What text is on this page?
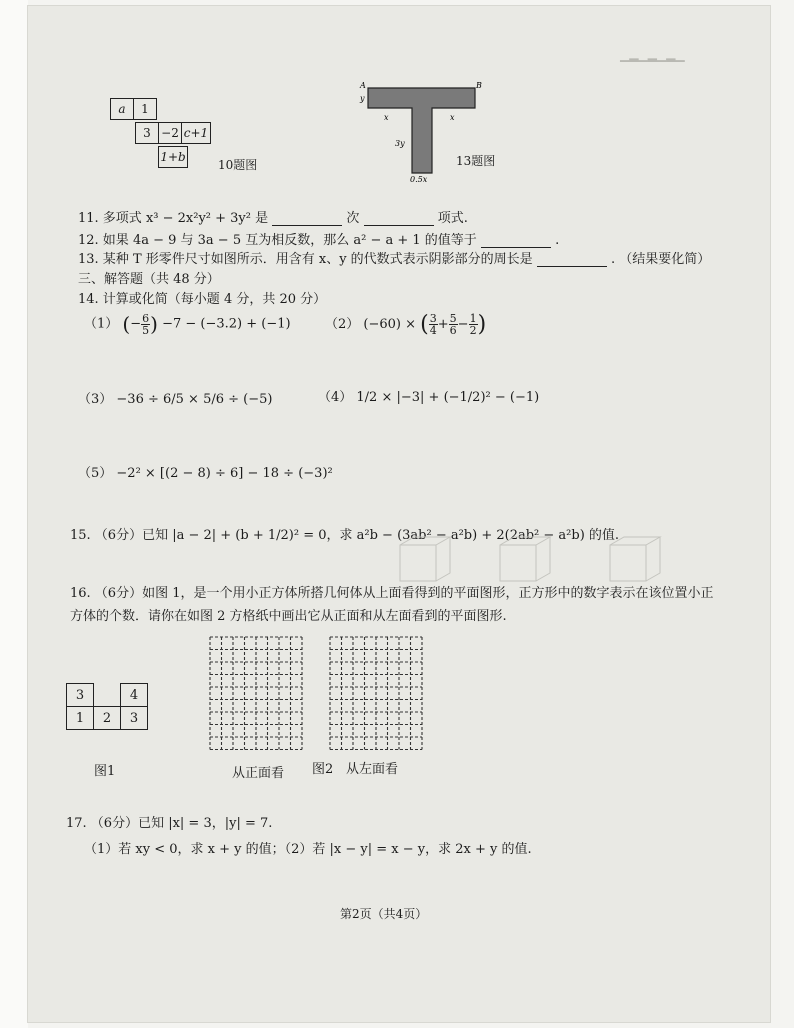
▁▂▁▂▁▂▁
a	1
3	−2	c+1
1+b
10题图
A	B
y
x	x
3y
0.5x
13题图
11. 多项式 x³ − 2x²y² + 3y² 是	次	项式.
12. 如果 4a − 9 与 3a − 5 互为相反数，那么 a² − a + 1 的值等于	.
13. 某种 T 形零件尺寸如图所示．用含有 x、y 的代数式表示阴影部分的周长是	. （结果要化简）
三、解答题（共 48 分）
14. 计算或化简（每小题 4 分，共 20 分）
（1） (− $\frac{6}{5}$ ) −7 − (−3.2) + (−1)	（2） (−60) × ( $\frac{3}{4} + \frac{5}{6} - \frac{1}{2}$ )
（3） −36 ÷ 6/5 × 5/6 ÷ (−5)	（4） 1/2 × |−3| + (−1/2)² − (−1)
（5） −2² × [(2 − 8) ÷ 6] − 18 ÷ (−3)²
15. （6分）已知 |a − 2| + (b + 1/2)² = 0，求 a²b − (3ab² − a²b) + 2(2ab² − a²b) 的值.
16. （6分）如图 1，是一个用小正方体所搭几何体从上面看得到的平面图形，正方形中的数字表示在该位置小正
方体的个数．请你在如图 2 方格纸中画出它从正面和从左面看到的平面图形.
3		4
1	2	3
图1	从正面看 图2 从左面看
17. （6分）已知 |x| = 3，|y| = 7.
（1）若 xy < 0，求 x + y 的值；（2）若 |x − y| = x − y，求 2x + y 的值.
第2页（共4页）
